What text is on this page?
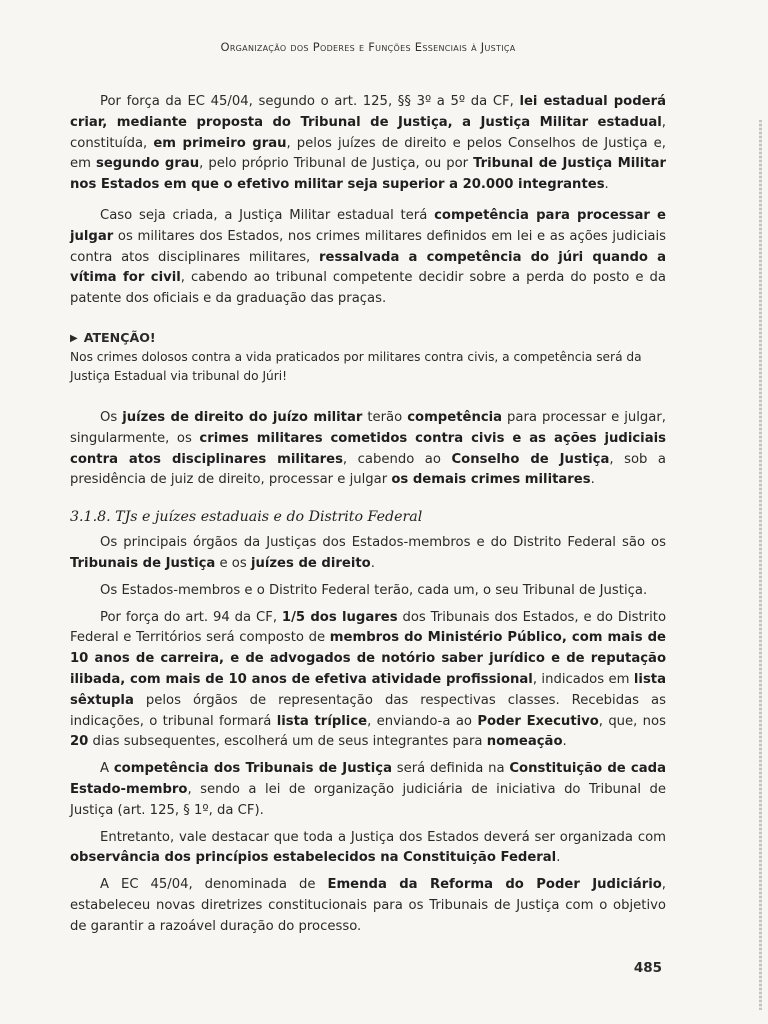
Organização dos Poderes e Funções Essenciais à Justiça

Por força da EC 45/04, segundo o art. 125, §§ 3º a 5º da CF, lei estadual poderá criar, mediante proposta do Tribunal de Justiça, a Justiça Militar estadual, constituída, em primeiro grau, pelos juízes de direito e pelos Conselhos de Justiça e, em segundo grau, pelo próprio Tribunal de Justiça, ou por Tribunal de Justiça Militar nos Estados em que o efetivo militar seja superior a 20.000 integrantes.

Caso seja criada, a Justiça Militar estadual terá competência para processar e julgar os militares dos Estados, nos crimes militares definidos em lei e as ações judiciais contra atos disciplinares militares, ressalvada a competência do júri quando a vítima for civil, cabendo ao tribunal competente decidir sobre a perda do posto e da patente dos oficiais e da graduação das praças.

▶ ATENÇÃO!
Nos crimes dolosos contra a vida praticados por militares contra civis, a competência será da Justiça Estadual via tribunal do Júri!

Os juízes de direito do juízo militar terão competência para processar e julgar, singularmente, os crimes militares cometidos contra civis e as ações judiciais contra atos disciplinares militares, cabendo ao Conselho de Justiça, sob a presidência de juiz de direito, processar e julgar os demais crimes militares.

3.1.8. TJs e juízes estaduais e do Distrito Federal

Os principais órgãos da Justiças dos Estados-membros e do Distrito Federal são os Tribunais de Justiça e os juízes de direito.

Os Estados-membros e o Distrito Federal terão, cada um, o seu Tribunal de Justiça.

Por força do art. 94 da CF, 1/5 dos lugares dos Tribunais dos Estados, e do Distrito Federal e Territórios será composto de membros do Ministério Público, com mais de 10 anos de carreira, e de advogados de notório saber jurídico e de reputação ilibada, com mais de 10 anos de efetiva atividade profissional, indicados em lista sêxtupla pelos órgãos de representação das respectivas classes. Recebidas as indicações, o tribunal formará lista tríplice, enviando-a ao Poder Executivo, que, nos 20 dias subsequentes, escolherá um de seus integrantes para nomeação.

A competência dos Tribunais de Justiça será definida na Constituição de cada Estado-membro, sendo a lei de organização judiciária de iniciativa do Tribunal de Justiça (art. 125, § 1º, da CF).

Entretanto, vale destacar que toda a Justiça dos Estados deverá ser organizada com observância dos princípios estabelecidos na Constituição Federal.

A EC 45/04, denominada de Emenda da Reforma do Poder Judiciário, estabeleceu novas diretrizes constitucionais para os Tribunais de Justiça com o objetivo de garantir a razoável duração do processo.

485
